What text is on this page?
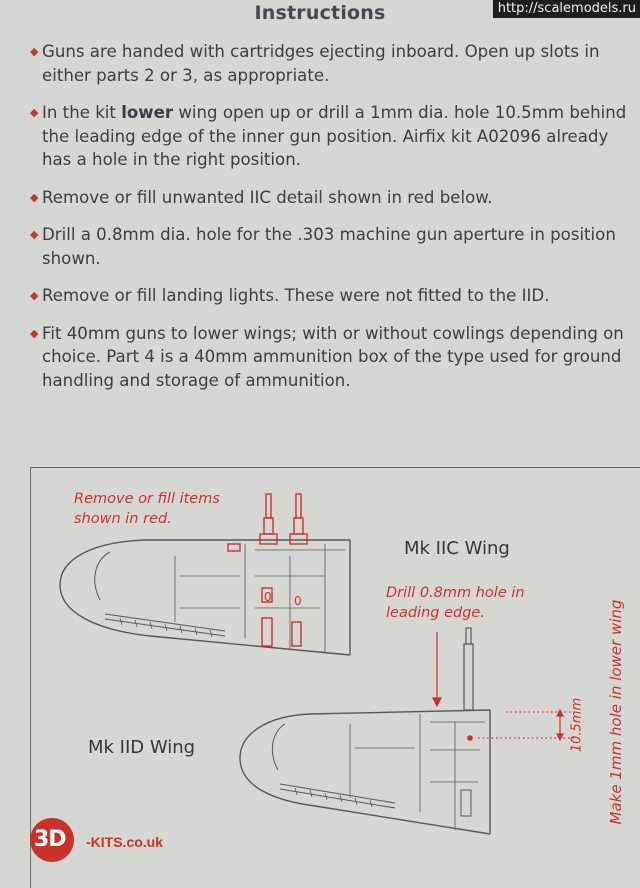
http://scalemodels.ru
Instructions
◆ Guns are handed with cartridges ejecting inboard. Open up slots in either parts 2 or 3, as appropriate.
◆ In the kit lower wing open up or drill a 1mm dia. hole 10.5mm behind the leading edge of the inner gun position. Airfix kit A02096 already has a hole in the right position.
◆ Remove or fill unwanted IIC detail shown in red below.
◆ Drill a 0.8mm dia. hole for the .303 machine gun aperture in position shown.
◆ Remove or fill landing lights. These were not fitted to the IID.
◆ Fit 40mm guns to lower wings; with or without cowlings depending on choice. Part 4 is a 40mm ammunition box of the type used for ground handling and storage of ammunition.
Remove or fill items
shown in red.
Mk IIC Wing
Drill 0.8mm hole in
leading edge.
Mk IID Wing	10.5mm Make 1mm hole in lower wing
0 0
3D -KITS.co.uk
